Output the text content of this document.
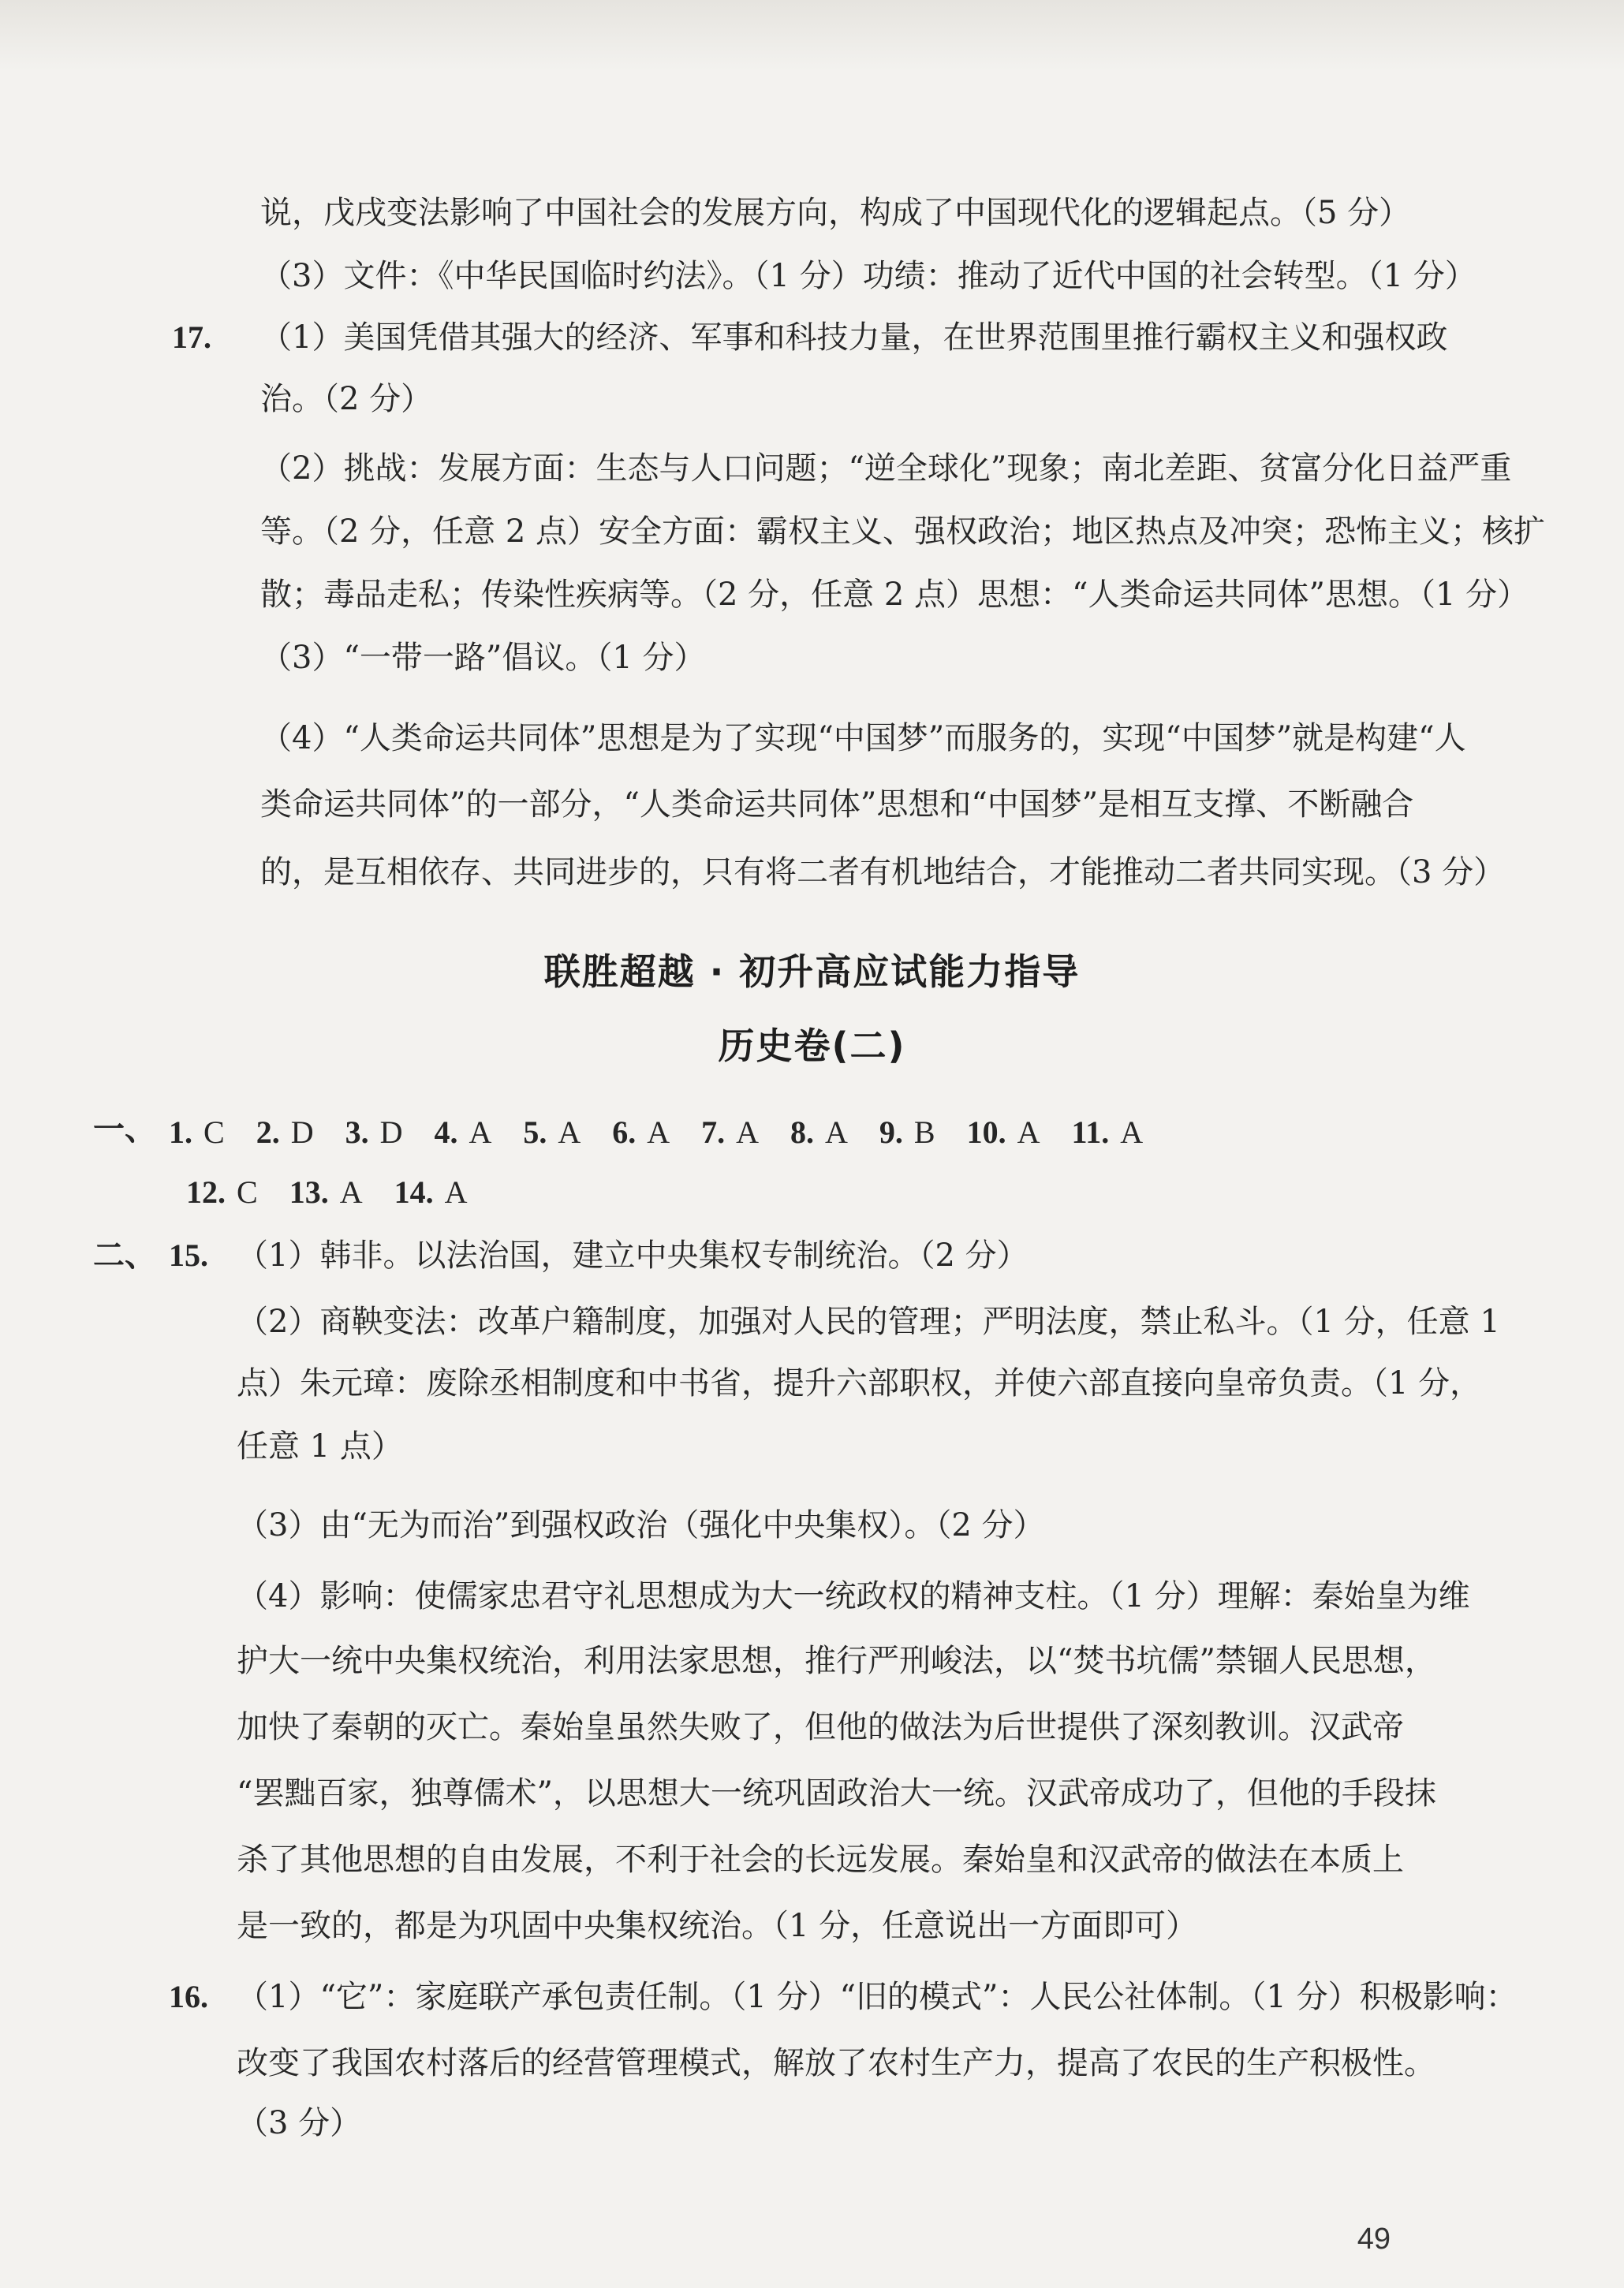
说，戊戌变法影响了中国社会的发展方向，构成了中国现代化的逻辑起点。（5 分）
（3）文件：《中华民国临时约法》。（1 分）功绩：推动了近代中国的社会转型。（1 分）
17. （1）美国凭借其强大的经济、军事和科技力量，在世界范围里推行霸权主义和强权政
治。（2 分）
（2）挑战：发展方面：生态与人口问题；“逆全球化”现象；南北差距、贫富分化日益严重
等。（2 分，任意 2 点）安全方面：霸权主义、强权政治；地区热点及冲突；恐怖主义；核扩
散；毒品走私；传染性疾病等。（2 分，任意 2 点）思想：“人类命运共同体”思想。（1 分）
（3）“一带一路”倡议。（1 分）
（4）“人类命运共同体”思想是为了实现“中国梦”而服务的，实现“中国梦”就是构建“人
类命运共同体”的一部分，“人类命运共同体”思想和“中国梦”是相互支撑、不断融合
的，是互相依存、共同进步的，只有将二者有机地结合，才能推动二者共同实现。（3 分）
联胜超越 · 初升高应试能力指导
历史卷(二)
一、 1. C 2. D 3. D 4. A 5. A 6. A 7. A 8. A 9. B 10. A 11. A
12. C 13. A 14. A
二、 15. （1）韩非。以法治国，建立中央集权专制统治。（2 分）
（2）商鞅变法：改革户籍制度，加强对人民的管理；严明法度，禁止私斗。（1 分，任意 1
点）朱元璋：废除丞相制度和中书省，提升六部职权，并使六部直接向皇帝负责。（1 分，
任意 1 点）
（3）由“无为而治”到强权政治（强化中央集权）。（2 分）
（4）影响：使儒家忠君守礼思想成为大一统政权的精神支柱。（1 分）理解：秦始皇为维
护大一统中央集权统治，利用法家思想，推行严刑峻法，以“焚书坑儒”禁锢人民思想，
加快了秦朝的灭亡。秦始皇虽然失败了，但他的做法为后世提供了深刻教训。汉武帝
“罢黜百家，独尊儒术”，以思想大一统巩固政治大一统。汉武帝成功了，但他的手段抹
杀了其他思想的自由发展，不利于社会的长远发展。秦始皇和汉武帝的做法在本质上
是一致的，都是为巩固中央集权统治。（1 分，任意说出一方面即可）
16. （1）“它”：家庭联产承包责任制。（1 分）“旧的模式”：人民公社体制。（1 分）积极影响：
改变了我国农村落后的经营管理模式，解放了农村生产力，提高了农民的生产积极性。
（3 分）
49
